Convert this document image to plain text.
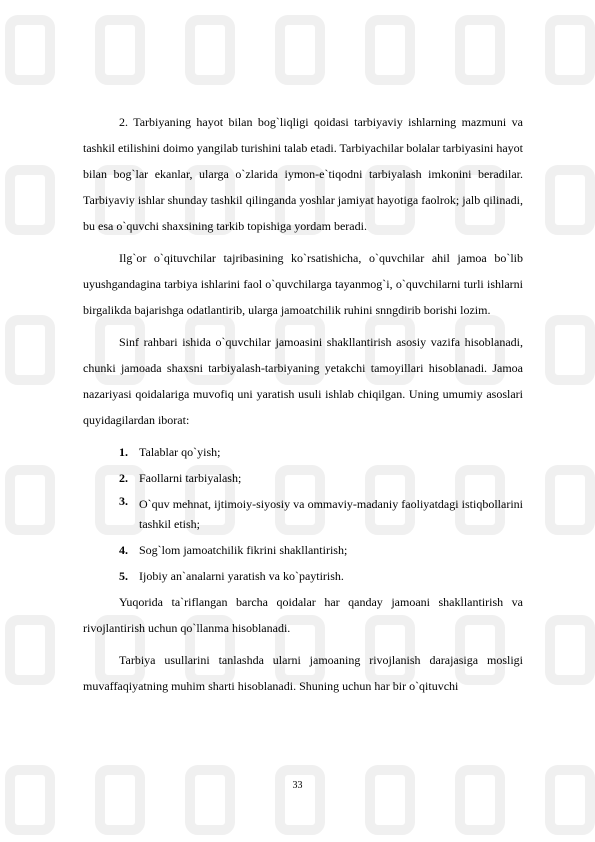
2. Tarbiyaning hayot bilan bog`liqligi qoidasi tarbiyaviy ishlarning mazmuni va tashkil etilishini doimo yangilab turishini talab etadi. Tarbiyachilar bolalar tarbiyasini hayot bilan bog`lar ekanlar, ularga o`zlarida iymon-e`tiqodni tarbiyalash imkonini beradilar. Tarbiyaviy ishlar shunday tashkil qilinganda yoshlar jamiyat hayotiga faolrok; jalb qilinadi, bu esa o`quvchi shaxsining tarkib topishiga yordam beradi.

Ilg`or o`qituvchilar tajribasining ko`rsatishicha, o`quvchilar ahil jamoa bo`lib uyushgandagina tarbiya ishlarini faol o`quvchilarga tayanmog`i, o`quvchilarni turli ishlarni birgalikda bajarishga odatlantirib, ularga jamoatchilik ruhini snngdirib borishi lozim.

Sinf rahbari ishida o`quvchilar jamoasini shakllantirish asosiy vazifa hisoblanadi, chunki jamoada shaxsni tarbiyalash-tarbiyaning yetakchi tamoyillari hisoblanadi. Jamoa nazariyasi qoidalariga muvofiq uni yaratish usuli ishlab chiqilgan. Uning umumiy asoslari quyidagilardan iborat:

1. Talablar qo`yish;
2. Faollarni tarbiyalash;
3. O`quv mehnat, ijtimoiy-siyosiy va ommaviy-madaniy faoliyatdagi istiqbollarini tashkil etish;
4. Sog`lom jamoatchilik fikrini shakllantirish;
5. Ijobiy an`analarni yaratish va ko`paytirish.

Yuqorida ta`riflangan barcha qoidalar har qanday jamoani shakllantirish va rivojlantirish uchun qo`llanma hisoblanadi.

Tarbiya usullarini tanlashda ularni jamoaning rivojlanish darajasiga mosligi muvaffaqiyatning muhim sharti hisoblanadi. Shuning uchun har bir o`qituvchi

33
